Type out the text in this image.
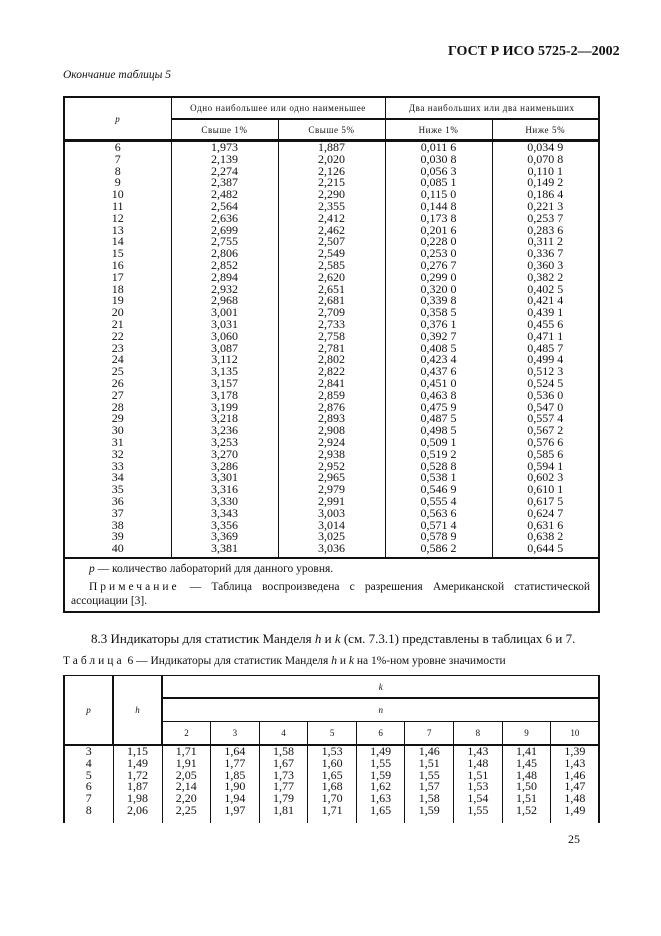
ГОСТ Р ИСО 5725-2—2002
Окончание таблицы 5
p	Одно наибольшее или одно наименьшее		Два наибольших или два наименьших	
	Свыше 1%	Свыше 5%	Ниже 1%	Ниже 5%
6	1,973	1,887	0,011 6	0,034 9
7	2,139	2,020	0,030 8	0,070 8
8	2,274	2,126	0,056 3	0,110 1
9	2,387	2,215	0,085 1	0,149 2
10	2,482	2,290	0,115 0	0,186 4
11	2,564	2,355	0,144 8	0,221 3
12	2,636	2,412	0,173 8	0,253 7
13	2,699	2,462	0,201 6	0,283 6
14	2,755	2,507	0,228 0	0,311 2
15	2,806	2,549	0,253 0	0,336 7
16	2,852	2,585	0,276 7	0,360 3
17	2,894	2,620	0,299 0	0,382 2
18	2,932	2,651	0,320 0	0,402 5
19	2,968	2,681	0,339 8	0,421 4
20	3,001	2,709	0,358 5	0,439 1
21	3,031	2,733	0,376 1	0,455 6
22	3,060	2,758	0,392 7	0,471 1
23	3,087	2,781	0,408 5	0,485 7
24	3,112	2,802	0,423 4	0,499 4
25	3,135	2,822	0,437 6	0,512 3
26	3,157	2,841	0,451 0	0,524 5
27	3,178	2,859	0,463 8	0,536 0
28	3,199	2,876	0,475 9	0,547 0
29	3,218	2,893	0,487 5	0,557 4
30	3,236	2,908	0,498 5	0,567 2
31	3,253	2,924	0,509 1	0,576 6
32	3,270	2,938	0,519 2	0,585 6
33	3,286	2,952	0,528 8	0,594 1
34	3,301	2,965	0,538 1	0,602 3
35	3,316	2,979	0,546 9	0,610 1
36	3,330	2,991	0,555 4	0,617 5
37	3,343	3,003	0,563 6	0,624 7
38	3,356	3,014	0,571 4	0,631 6
39	3,369	3,025	0,578 9	0,638 2
40	3,381	3,036	0,586 2	0,644 5

p — количество лабораторий для данного уровня.
Примечание — Таблица воспроизведена с разрешения Американской статистической ассоциации [3].				
8.3 Индикаторы для статистик Манделя h и k (см. 7.3.1) представлены в таблицах 6 и 7.
Таблица 6 — Индикаторы для статистик Манделя h и k на 1%-ном уровне значимости
p	h	k								
		n								
		2	3	4	5	6	7	8	9	10
3	1,15	1,71	1,64	1,58	1,53	1,49	1,46	1,43	1,41	1,39
4	1,49	1,91	1,77	1,67	1,60	1,55	1,51	1,48	1,45	1,43
5	1,72	2,05	1,85	1,73	1,65	1,59	1,55	1,51	1,48	1,46
6	1,87	2,14	1,90	1,77	1,68	1,62	1,57	1,53	1,50	1,47
7	1,98	2,20	1,94	1,79	1,70	1,63	1,58	1,54	1,51	1,48
8	2,06	2,25	1,97	1,81	1,71	1,65	1,59	1,55	1,52	1,49
25
